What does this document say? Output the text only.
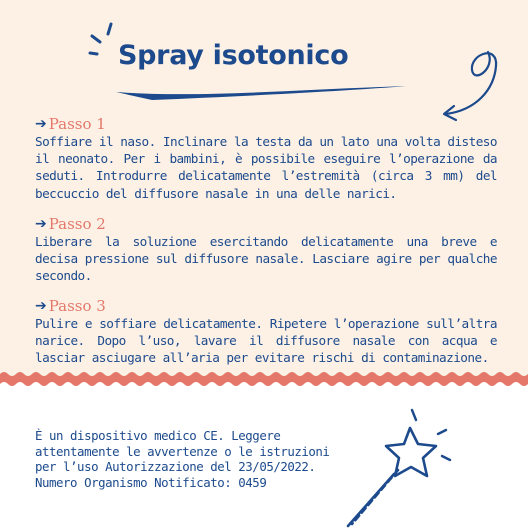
Spray isotonico
➔ Passo 1

Soffiare il naso. Inclinare la testa da un lato una volta disteso il neonato. Per i bambini, è possibile eseguire l’operazione da seduti. Introdurre delicatamente l’estremità (circa 3 mm) del beccuccio del diffusore nasale in una delle narici.

➔ Passo 2

Liberare la soluzione esercitando delicatamente una breve e decisa pressione sul diffusore nasale. Lasciare agire per qualche secondo.

➔ Passo 3

Pulire e soffiare delicatamente. Ripetere l’operazione sull’altra narice. Dopo l’uso, lavare il diffusore nasale con acqua e lasciar asciugare all’aria per evitare rischi di contaminazione.

È un dispositivo medico CE. Leggere
attentamente le avvertenze o le istruzioni
per l’uso Autorizzazione del 23/05/2022.
Numero Organismo Notificato: 0459
